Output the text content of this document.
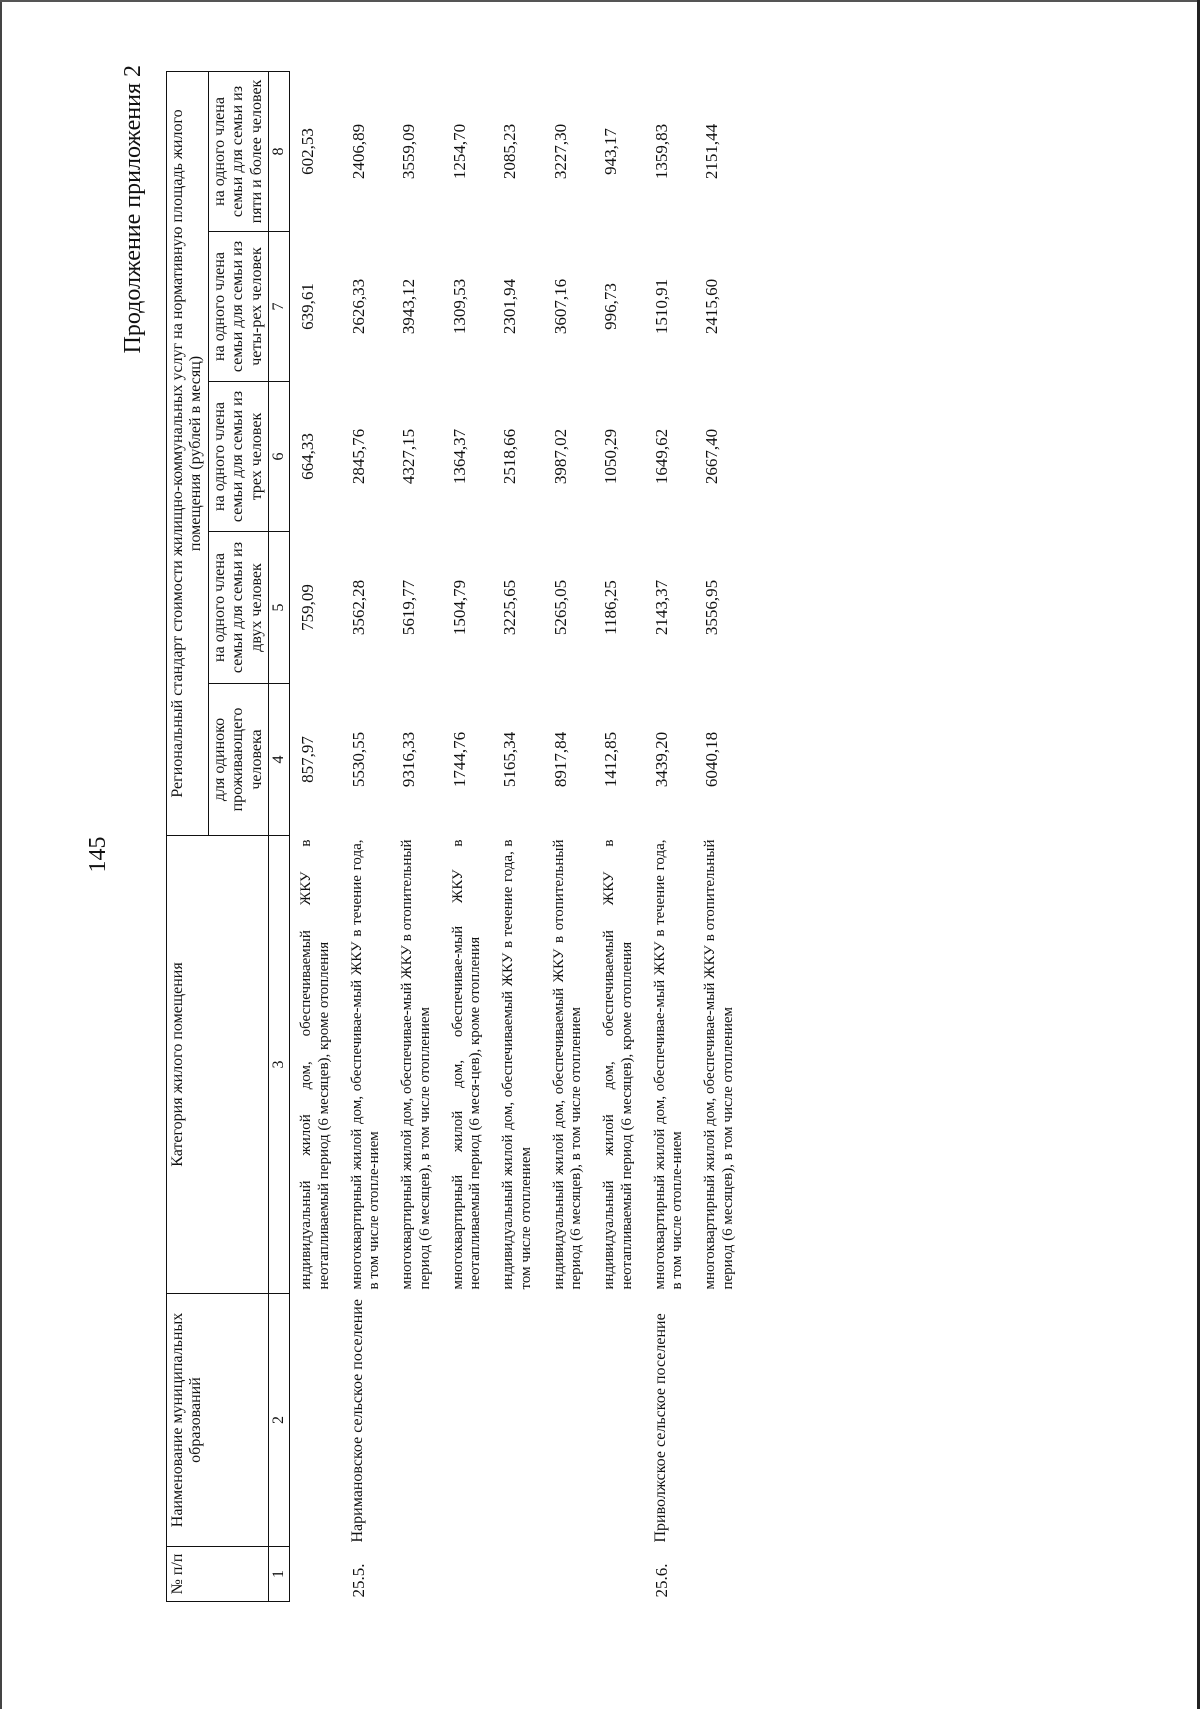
145
Продолжение приложения 2
№ п/п	Наименование муниципальных образований	Категория жилого помещения	Региональный стандарт стоимости жилищно-коммунальных услуг на нормативную площадь жилого помещения (рублей в месяц)				
			для одиноко проживающего человека	на одного члена семьи для семьи из двух человек	на одного члена семьи для семьи из трех человек	на одного члена семьи для семьи из четы-рех человек	на одного члена семьи для семьи из пяти и более человек
1	2	3	4	5	6	7	8
		индивидуальный жилой дом, обеспечиваемый ЖКУ в неотапливаемый период (6 месяцев), кроме отопления	857,97	759,09	664,33	639,61	602,53
25.5.	Наримановское сельское поселение	многоквартирный жилой дом, обеспечивае-мый ЖКУ в течение года, в том числе отопле-нием	5530,55	3562,28	2845,76	2626,33	2406,89
		многоквартирный жилой дом, обеспечивае-мый ЖКУ в отопительный период (6 месяцев), в том числе отоплением	9316,33	5619,77	4327,15	3943,12	3559,09
		многоквартирный жилой дом, обеспечивае-мый ЖКУ в неотапливаемый период (6 меся-цев), кроме отопления	1744,76	1504,79	1364,37	1309,53	1254,70
		индивидуальный жилой дом, обеспечиваемый ЖКУ в течение года, в том числе отоплением	5165,34	3225,65	2518,66	2301,94	2085,23
		индивидуальный жилой дом, обеспечиваемый ЖКУ в отопительный период (6 месяцев), в том числе отоплением	8917,84	5265,05	3987,02	3607,16	3227,30
		индивидуальный жилой дом, обеспечиваемый ЖКУ в неотапливаемый период (6 месяцев), кроме отопления	1412,85	1186,25	1050,29	996,73	943,17
25.6.	Приволжское сельское поселение	многоквартирный жилой дом, обеспечивае-мый ЖКУ в течение года, в том числе отопле-нием	3439,20	2143,37	1649,62	1510,91	1359,83
		многоквартирный жилой дом, обеспечивае-мый ЖКУ в отопительный период (6 месяцев), в том числе отоплением	6040,18	3556,95	2667,40	2415,60	2151,44
